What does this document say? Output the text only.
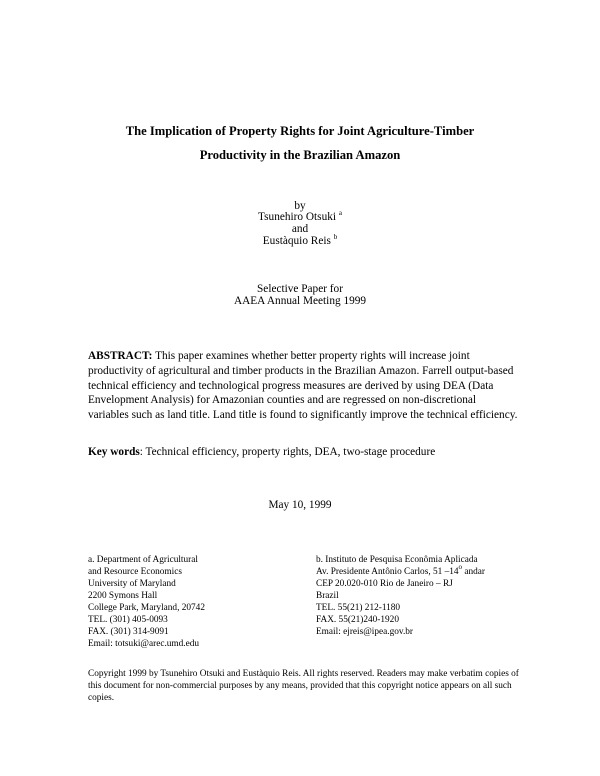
The Implication of Property Rights for Joint Agriculture-Timber
Productivity in the Brazilian Amazon
by
Tsunehiro Otsuki $^a$
and
Eustàquio Reis $^b$
Selective Paper for
AAEA Annual Meeting 1999
ABSTRACT: This paper examines whether better property rights will increase joint productivity of agricultural and timber products in the Brazilian Amazon. Farrell output-based technical efficiency and technological progress measures are derived by using DEA (Data Envelopment Analysis) for Amazonian counties and are regressed on non-discretional variables such as land title. Land title is found to significantly improve the technical efficiency.
Key words: Technical efficiency, property rights, DEA, two-stage procedure
May 10, 1999
a. Department of Agricultural
and Resource Economics
University of Maryland
2200 Symons Hall
College Park, Maryland, 20742
TEL. (301) 405-0093
FAX. (301) 314-9091
Email: totsuki@arec.umd.edu
b. Instituto de Pesquisa Econômia Aplicada
Av. Presidente Antônio Carlos, 51 –14$^o$ andar
CEP 20.020-010 Rio de Janeiro – RJ
Brazil
TEL. 55(21) 212-1180
FAX. 55(21)240-1920
Email: ejreis@ipea.gov.br
Copyright 1999 by Tsunehiro Otsuki and Eustàquio Reis. All rights reserved. Readers may make verbatim copies of this document for non-commercial purposes by any means, provided that this copyright notice appears on all such copies.
